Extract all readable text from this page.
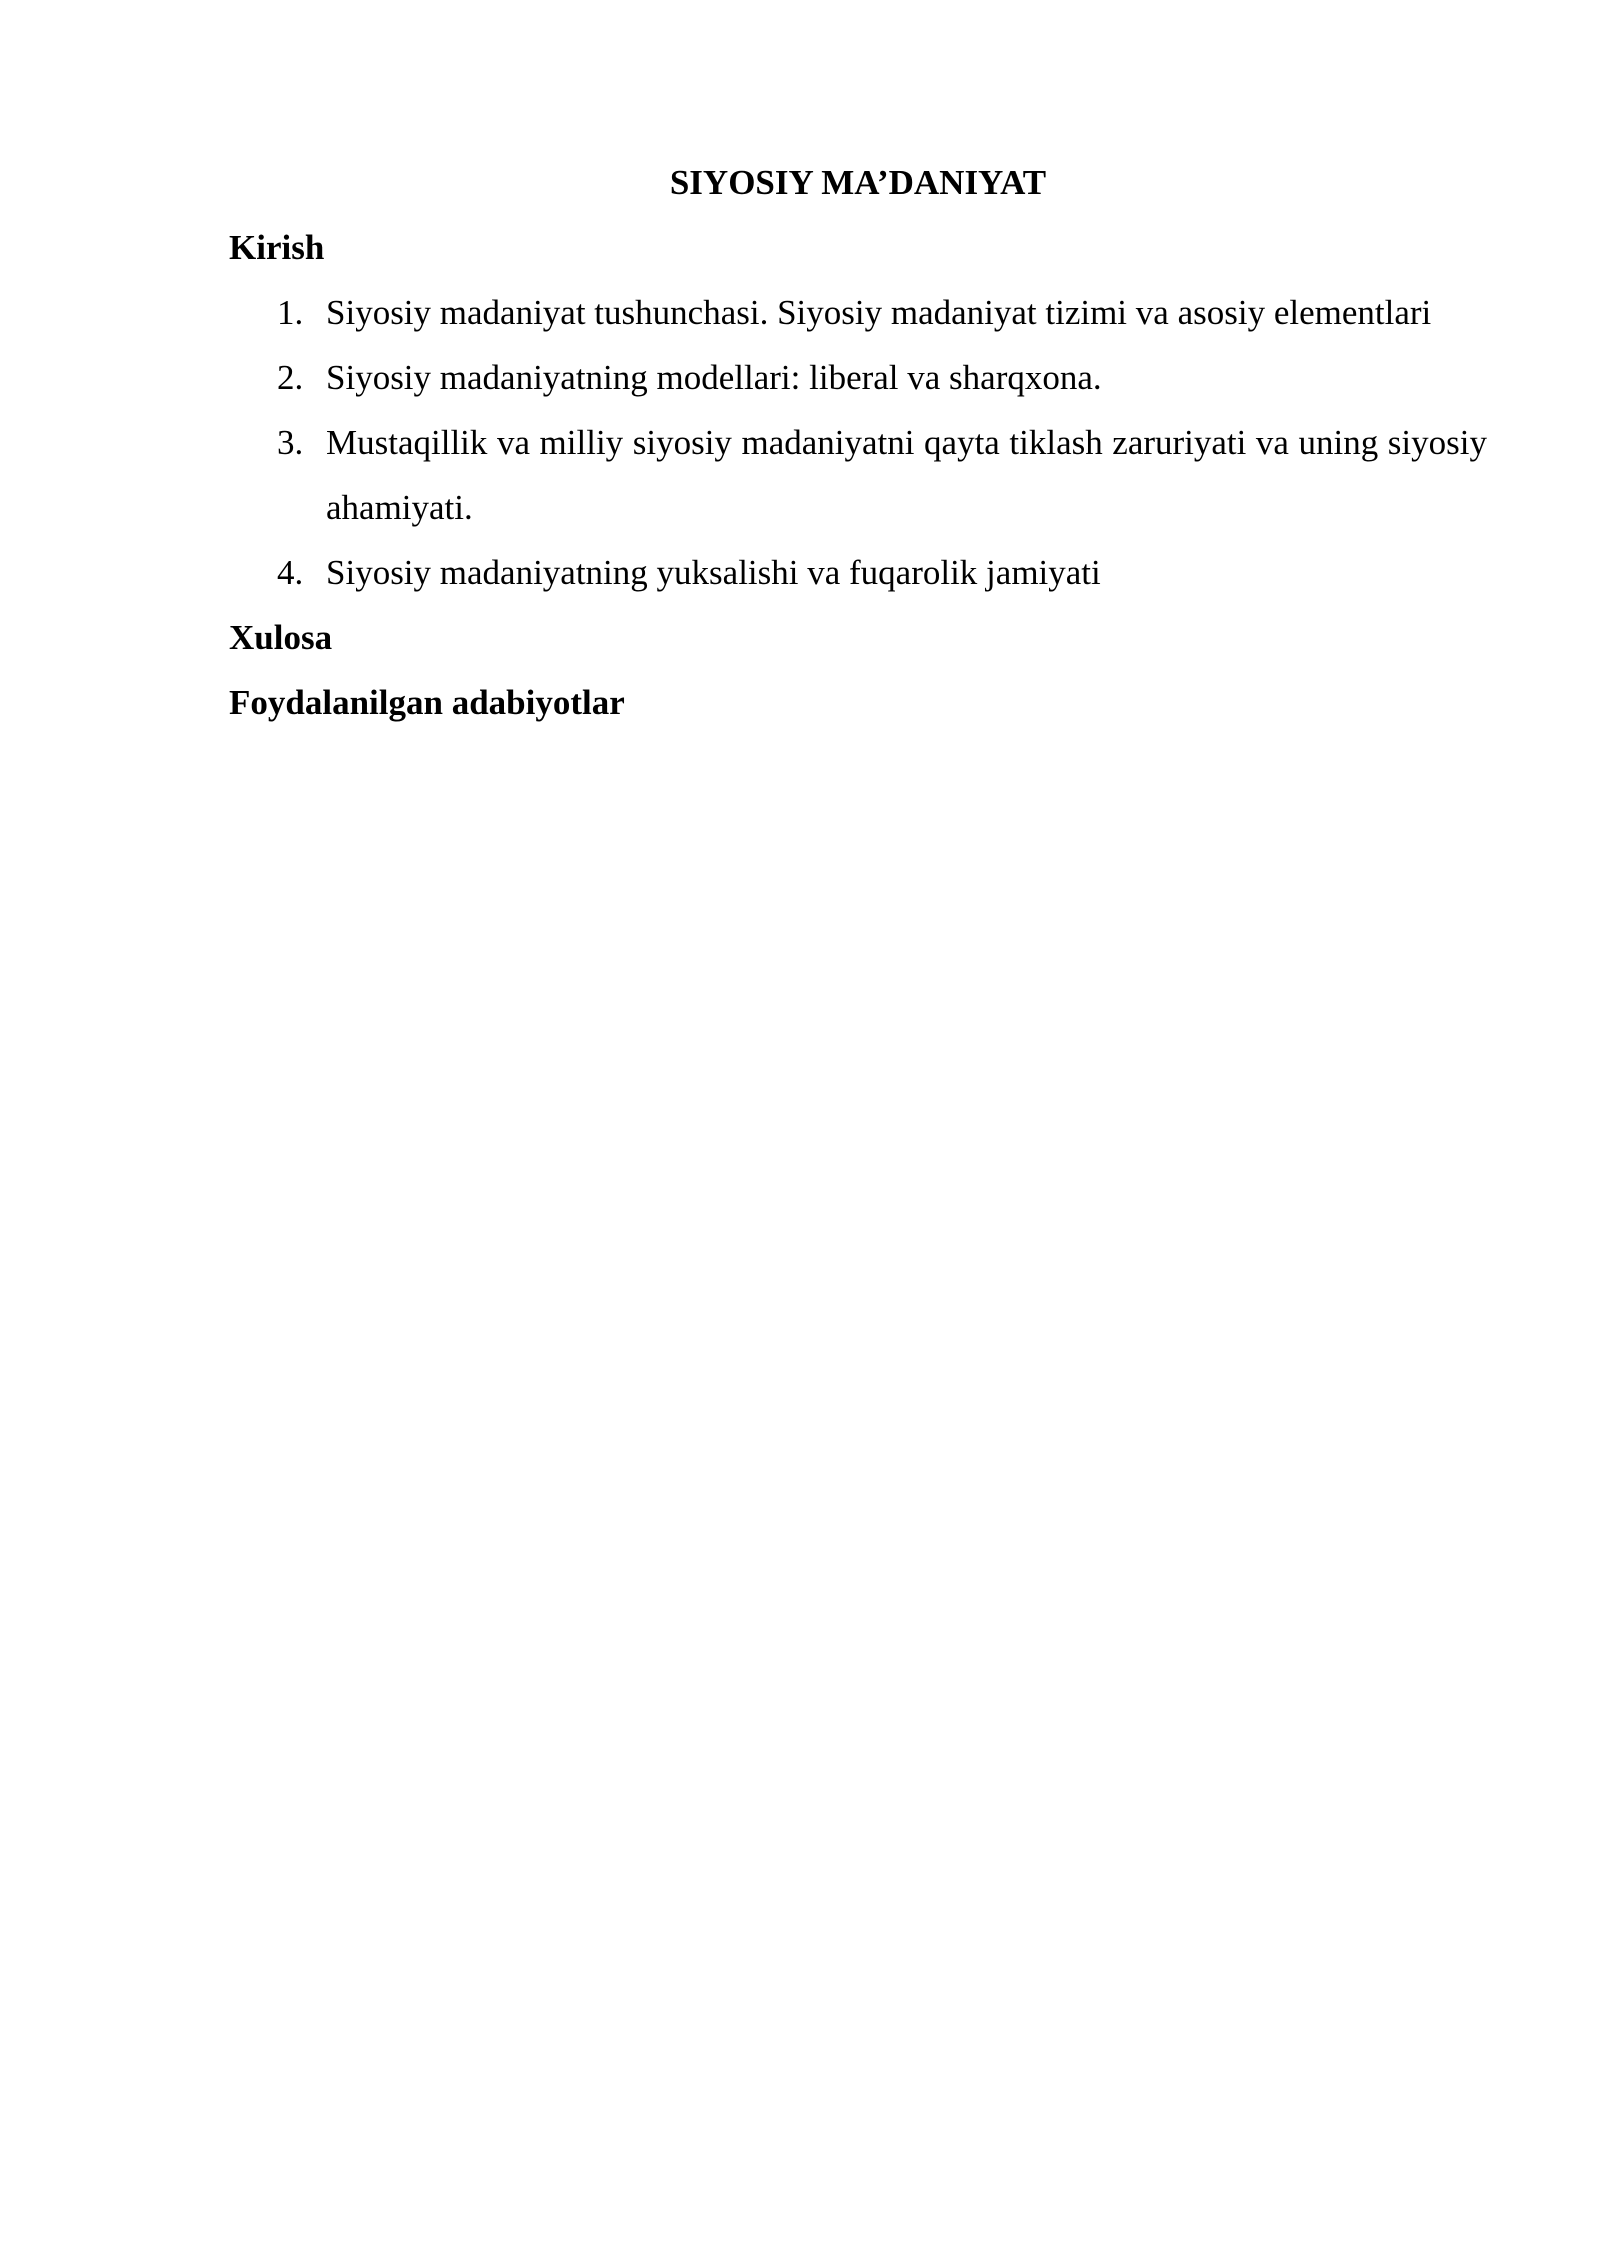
SIYOSIY MA’DANIYAT
Kirish
1. Siyosiy madaniyat tushunchasi. Siyosiy madaniyat tizimi va asosiy elementlari
2. Siyosiy madaniyatning modellari: liberal va sharqxona.
3. Mustaqillik va milliy siyosiy madaniyatni qayta tiklash zaruriyati va uning siyosiy ahamiyati.
4. Siyosiy madaniyatning yuksalishi va fuqarolik jamiyati
Xulosa
Foydalanilgan adabiyotlar
